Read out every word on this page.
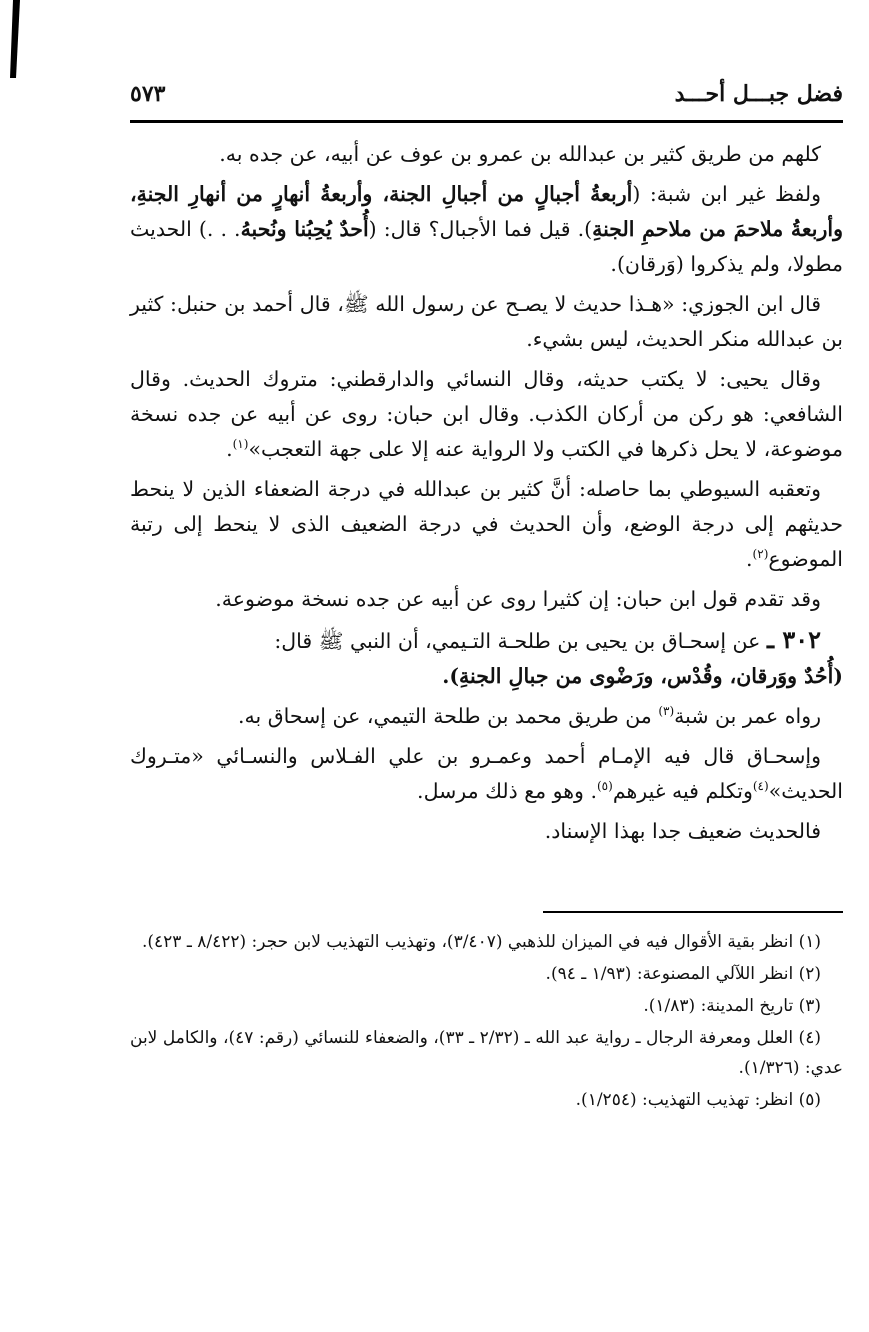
فضل جبـــل أحـــد
٥٧٣

كلهم من طريق كثير بن عبدالله بن عمرو بن عوف عن أبيه، عن جده به.

ولفظ غير ابن شبة: (أربعةُ أجبالٍ من أجبالِ الجنة، وأربعةُ أنهارٍ من أنهارِ الجنةِ، وأربعةُ ملاحمَ من ملاحمِ الجنةِ). قيل فما الأجبال؟ قال: (أُحدٌ يُحِبُنا ونُحبهُ. . .) الحديث مطولا، ولم يذكروا (وَرقان).

قال ابن الجوزي: «هـذا حديث لا يصـح عن رسول الله ﷺ، قال أحمد بن حنبل: كثير بن عبدالله منكر الحديث، ليس بشيء.

وقال يحيى: لا يكتب حديثه، وقال النسائي والدارقطني: متروك الحديث. وقال الشافعي: هو ركن من أركان الكذب. وقال ابن حبان: روى عن أبيه عن جده نسخة موضوعة، لا يحل ذكرها في الكتب ولا الرواية عنه إلا على جهة التعجب»$^{(١)}$.

وتعقبه السيوطي بما حاصله: أنَّ كثير بن عبدالله في درجة الضعفاء الذين لا ينحط حديثهم إلى درجة الوضع، وأن الحديث في درجة الضعيف الذى لا ينحط إلى رتبة الموضوع$^{(٢)}$.

وقد تقدم قول ابن حبان: إن كثيرا روى عن أبيه عن جده نسخة موضوعة.

٣٠٢ ـ عن إسحـاق بن يحيى بن طلحـة التـيمي، أن النبي ﷺ قال:
(أُحُدٌ ووَرقان، وقُدْس، ورَضْوى من جبالِ الجنةِ).

رواه عمر بن شبة$^{(٣)}$ من طريق محمد بن طلحة التيمي، عن إسحاق به.

وإسحـاق قال فيه الإمـام أحمد وعمـرو بن علي الفـلاس والنسـائي «متـروك الحديث»$^{(٤)}$وتكلم فيه غيرهم$^{(٥)}$. وهو مع ذلك مرسل.

فالحديث ضعيف جدا بهذا الإسناد.

(١) انظر بقية الأقوال فيه في الميزان للذهبي (٣/٤٠٧)، وتهذيب التهذيب لابن حجر: (٨/٤٢٢ ـ ٤٢٣).

(٢) انظر اللآلي المصنوعة: (١/٩٣ ـ ٩٤).

(٣) تاريخ المدينة: (١/٨٣).

(٤) العلل ومعرفة الرجال ـ رواية عبد الله ـ (٢/٣٢ ـ ٣٣)، والضعفاء للنسائي (رقم: ٤٧)، والكامل لابن عدي: (١/٣٢٦).

(٥) انظر: تهذيب التهذيب: (١/٢٥٤).
